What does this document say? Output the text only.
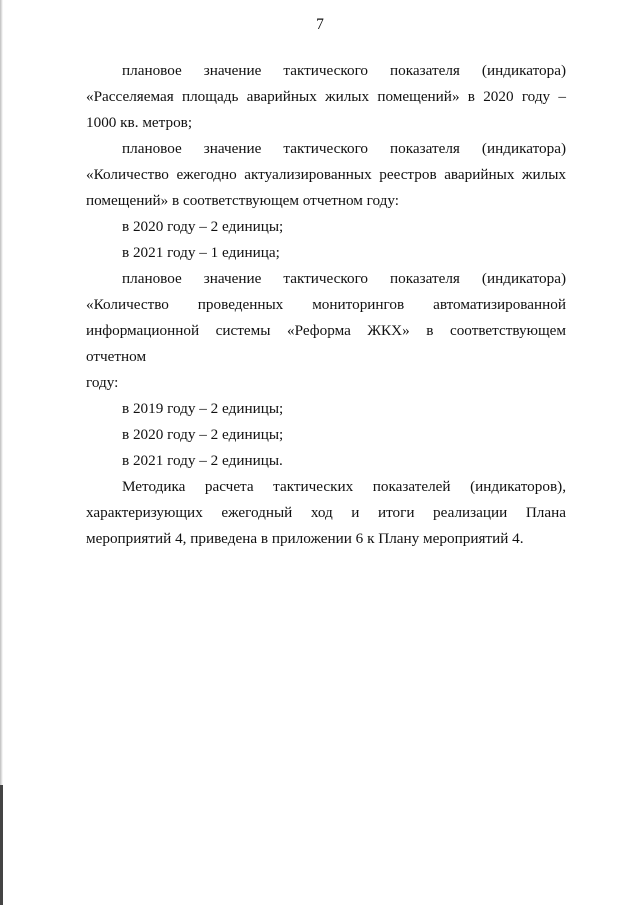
7
плановое значение тактического показателя (индикатора)
«Расселяемая площадь аварийных жилых помещений» в 2020 году –
1000 кв. метров;
плановое значение тактического показателя (индикатора)
«Количество ежегодно актуализированных реестров аварийных жилых
помещений» в соответствующем отчетном году:
в 2020 году – 2 единицы;
в 2021 году – 1 единица;
плановое значение тактического показателя (индикатора)
«Количество проведенных мониторингов автоматизированной
информационной системы «Реформа ЖКХ» в соответствующем отчетном
году:
в 2019 году – 2 единицы;
в 2020 году – 2 единицы;
в 2021 году – 2 единицы.
Методика расчета тактических показателей (индикаторов),
характеризующих ежегодный ход и итоги реализации Плана
мероприятий 4, приведена в приложении 6 к Плану мероприятий 4.
